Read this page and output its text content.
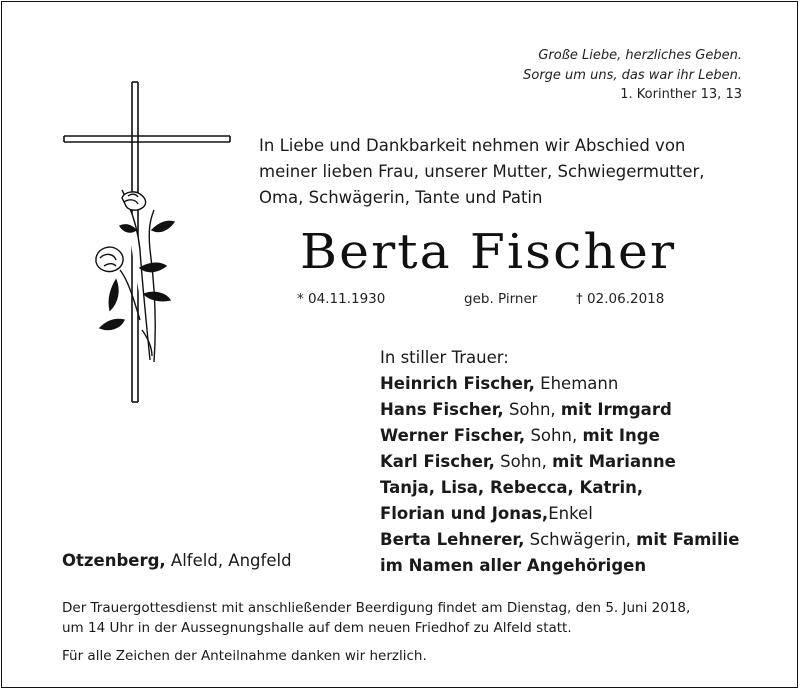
Große Liebe, herzliches Geben.
Sorge um uns, das war ihr Leben.
1. Korinther 13, 13
In Liebe und Dankbarkeit nehmen wir Abschied von
meiner lieben Frau, unserer Mutter, Schwiegermutter,
Oma, Schwägerin, Tante und Patin
Berta Fischer
* 04.11.1930	geb. Pirner	† 02.06.2018
In stiller Trauer:
Heinrich Fischer, Ehemann
Hans Fischer, Sohn, mit Irmgard
Werner Fischer, Sohn, mit Inge
Karl Fischer, Sohn, mit Marianne
Tanja, Lisa, Rebecca, Katrin,
Florian und Jonas,Enkel
Berta Lehnerer, Schwägerin, mit Familie
im Namen aller Angehörigen
Otzenberg, Alfeld, Angfeld

Der Trauergottesdienst mit anschließender Beerdigung findet am Dienstag, den 5. Juni 2018,

um 14 Uhr in der Aussegnungshalle auf dem neuen Friedhof zu Alfeld statt.

Für alle Zeichen der Anteilnahme danken wir herzlich.
